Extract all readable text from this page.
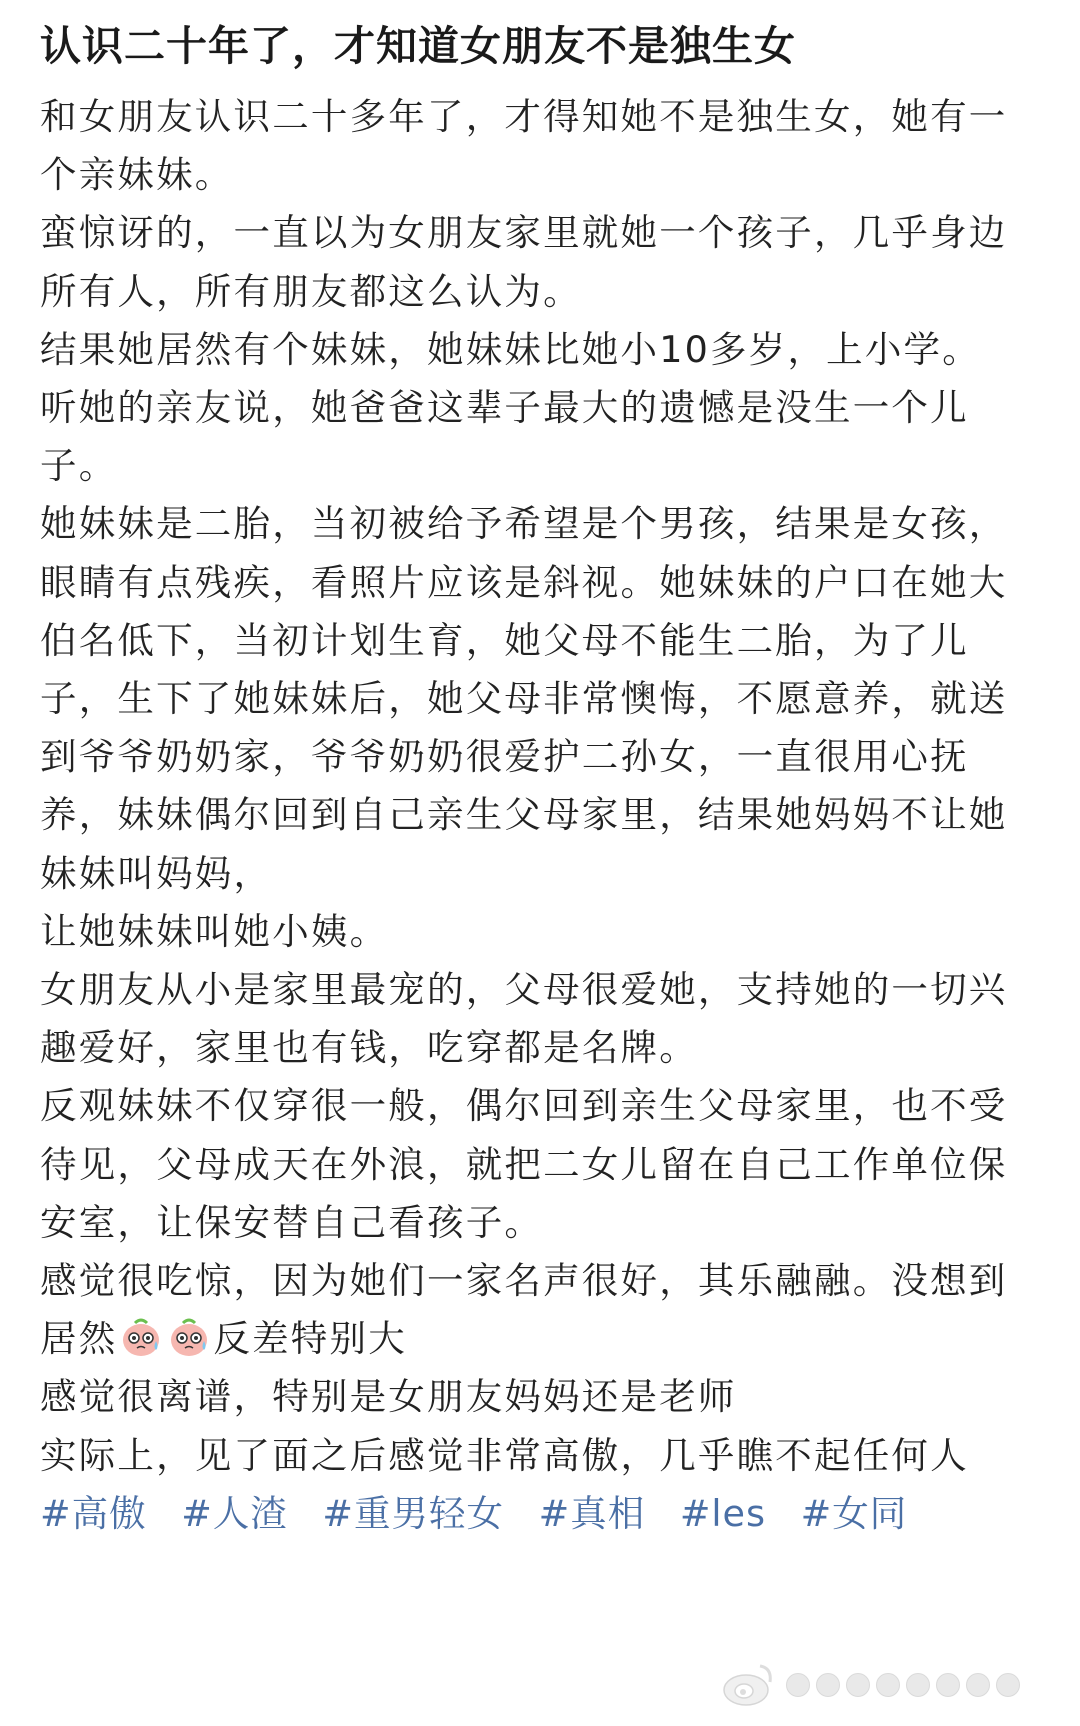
认识二十年了，才知道女朋友不是独生女

和女朋友认识二十多年了，才得知她不是独生女，她有一个亲妹妹。

蛮惊讶的，一直以为女朋友家里就她一个孩子，几乎身边所有人，所有朋友都这么认为。

结果她居然有个妹妹，她妹妹比她小10多岁，上小学。

听她的亲友说，她爸爸这辈子最大的遗憾是没生一个儿子。

她妹妹是二胎，当初被给予希望是个男孩，结果是女孩，眼睛有点残疾，看照片应该是斜视。她妹妹的户口在她大伯名低下，当初计划生育，她父母不能生二胎，为了儿子，生下了她妹妹后，她父母非常懊悔，不愿意养，就送到爷爷奶奶家，爷爷奶奶很爱护二孙女，一直很用心抚养，妹妹偶尔回到自己亲生父母家里，结果她妈妈不让她妹妹叫妈妈，

让她妹妹叫她小姨。

女朋友从小是家里最宠的，父母很爱她，支持她的一切兴趣爱好，家里也有钱，吃穿都是名牌。

反观妹妹不仅穿很一般，偶尔回到亲生父母家里，也不受待见，父母成天在外浪，就把二女儿留在自己工作单位保安室，让保安替自己看孩子。

感觉很吃惊，因为她们一家名声很好，其乐融融。没想到居然	反差特别大

感觉很离谱，特别是女朋友妈妈还是老师

实际上，见了面之后感觉非常高傲，几乎瞧不起任何人

#高傲 #人渣 #重男轻女 #真相 #les #女同
